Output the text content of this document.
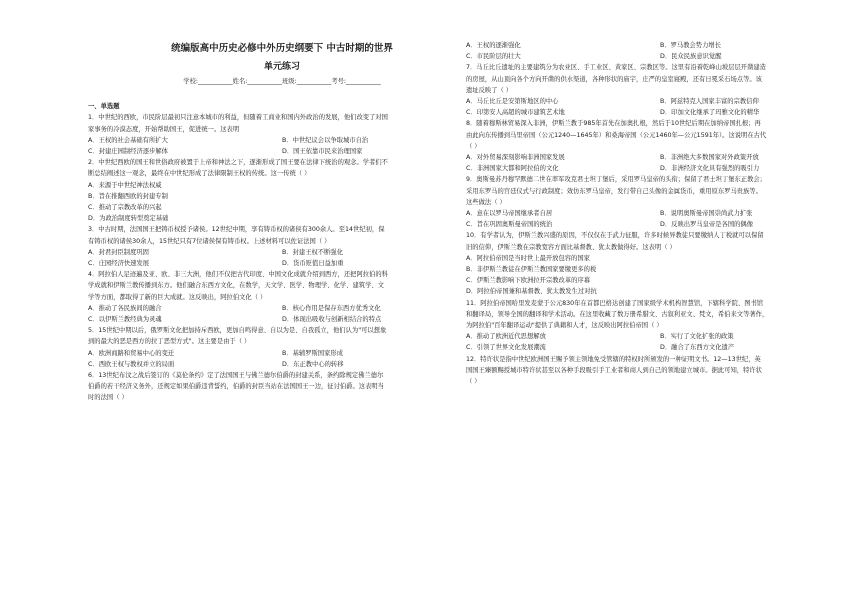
统编版高中历史必修中外历史纲要下 中古时期的世界
单元练习
学校:___________姓名:___________班级:___________考号:___________
一、单选题

1．中世纪的西欧，市民阶层最初只注意本城市的利益，但随着工商业和国内外政治的发展，他们改变了对国

家事务的冷漠态度，开始帮助国王，促进统一。这表明

A．王权的社会基础有所扩大	B．中世纪议会以争取城市自治
C．封建庄园制经济逐步解体	D．国王依靠市民来治理国家

2．中世纪西欧的国王和世俗政府被置于上帝和神法之下，逐渐形成了国王要在法律下统治的观念。学者们不

断总结阐述这一观念，最终在中世纪形成了法律限制王权的传统。这一传统（ ）

A．来源于中世纪神法权威
B．旨在推翻西欧的封建专制
C．推动了宗教改革的兴起
D．为政治制度转型奠定基础

3．中古时期，法国国王把铸币权授予诸侯。12世纪中期，享有铸币权的诸侯有300余人。至14世纪初，保

有铸币权的诸侯30余人，15世纪只有7位诸侯保有铸币权。上述材料可以佐证法国（ ）

A．封君封臣制度巩固	B．封建王权不断强化
C．庄园经济快速发展	D．货币贬值日益加重

4．阿拉伯人足迹遍及亚、欧、非三大洲，他们不仅把古代印度、中国文化成就介绍到西方，还把阿拉伯的科

学成就和伊斯兰教传播到东方。他们融合东西方文化，在数学，天文学、医学、物理学、化学、建筑学、文

学等方面，都取得了新的巨大成就。这反映出，阿拉伯文化（ ）

A．推动了各民族间的融合	B．核心作用是保存东西方优秀文化
C．以伊斯兰教经典为灵魂	D．体现出吸收与创新相结合的特点

5．15世纪中期以后，俄罗斯文化把加持斥西欧，更加自鸣得意、自以为是、自我孤立，他们认为"可以想象

到的最大的恶是西方的拉丁恶型方式"。这主要是由于（ ）

A．欧洲商路和贸易中心的变迁	B．基辅罗斯国家形成
C．西欧王权与教权并立的局面	D．东正教中心的转移

6．13世纪布汶之战后签订的《莫伦条约》定了法国国王与佛兰德尔伯爵的封建关系，条约除规定佛兰德尔

伯爵的若干经济义务外，还规定如果伯爵违背誓约，伯爵的封臣当站在法国国王一边，征讨伯爵。这表明当

时的法国（ ）

A．王权的逐渐强化	B．罗马教会势力增长
C．市民阶层的壮大	D．民众民族意识觉醒

7．马丘比丘遗址的主要建筑分为农业区、手工业区、黄家区、宗教区等。这里有沿着乾峰山坡层层开凿建造

的房屋，从山顶向各个方向开凿的供水渠道，各种形状的庙宇，庄严的皇室寝殿，还有日冕采石场点等。该

遗址反映了（ ）

A．马丘比丘是安第斯地区的中心	B．阿兹特克人国家丰富的宗教信仰
C．印第安人高超的城市建筑艺术地	D．印加文化继承了玛雅文化的精华

8．随着穆斯林贸易深入非洲，伊斯兰教于985年首先在加奥扎根，然后于10世纪后期在加纳帝国扎根；再

由此向东传播到马里帝国（公元1240—1645年）和桑海帝国（公元1460年—公元1591年）。这说明在古代

（ ）

A．对外贸易深刻影响非洲国家发展	B．非洲绝大多数国家对外政策开放
C．非洲国家大都和阿拉伯的文化	D．非洲经济文化具有强烈的吸引力

9．奥斯曼苏丹穆罕默德二世在率军攻克君士坦丁堡后，采用罗马皇帝的头衔；保留了君士坦丁堡东正教会；

采用东罗马的宫廷仪式与行政制度；效仿东罗马皇帝，发行带自己头像的金属货币，重用原东罗马贵族等。

这些做法（ ）

A．意在以罗马帝国继承者自居	B．说明奥斯曼帝国崇尚武力扩张
C．旨在巩固奥斯曼帝国的统治	D．反映出罗马皇帝是各国的偶像

10．有学者认为，伊斯兰教兴盛的原因，不仅仅在于武力征服，许多时候异教徒只要缴纳人丁税就可以保留

旧的信仰，伊斯兰教在宗教宽容方面比基督教、犹太教做得好。这表明（ ）

A．阿拉伯帝国是当时世上最开放包容的国家
B．非伊斯兰教徒在伊斯兰教国家要缴更多的税
C．伊斯兰教影响下欧洲拉开宗教改革的序幕
D．阿拉伯帝国兼和基督教、犹太教发生过对抗

11．阿拉伯帝国哈里发麦蒙于公元830年在首都巴格达创建了国家级学术机构智慧馆，下辖科学院、图书馆

和翻译局，领导全国的翻译和学术活动。在这里收藏了数万册希腊文、古叙利亚文、梵文，希伯来文等著作，

为阿拉伯"百年翻译运动"提供了典籍和人才，这反映出阿拉伯帝国（ ）

A．推动了欧洲近代思想解放	B．实行了文化扩张的政策
C．引领了世界文化发展潮流	D．融合了东西方文化遗产

12．特许状是指中世纪欧洲国王赐予领主领地免受管辖的特权时所颁发的一种证明文书。12—13世纪，英

国国王臻额赐授城市特许状甚至以各种手段吸引手工业者和商人到自己的领地建立城市。据此可知，特许状

（ ）
